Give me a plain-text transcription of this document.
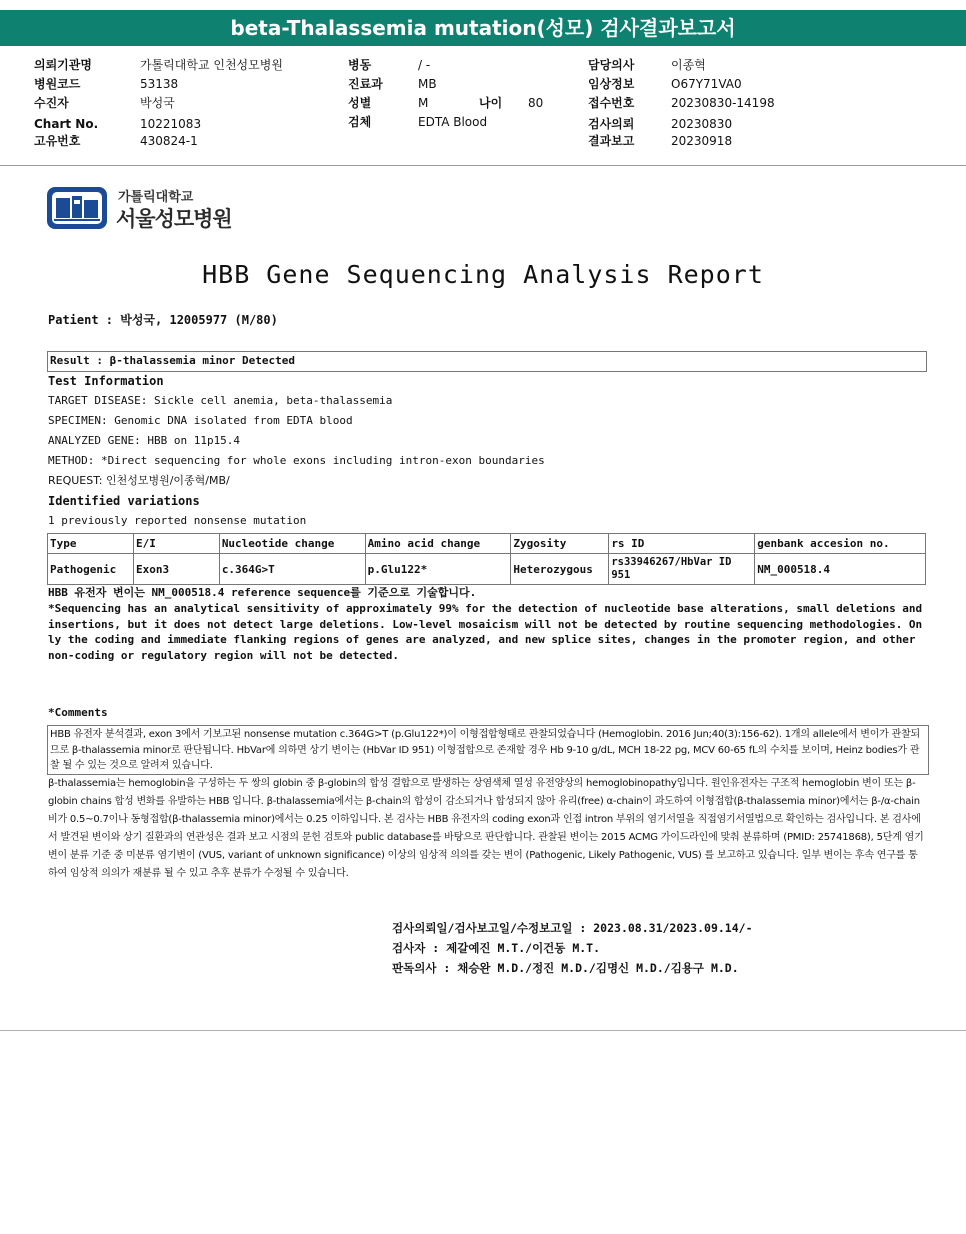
beta-Thalassemia mutation(성모) 검사결과보고서
의뢰기관명	가톨릭대학교 인천성모병원
병원코드	53138
수진자	박성국
Chart No.	10221083
고유번호	430824-1
병동	/ -
진료과	MB
성별	M	나이 80
검체	EDTA Blood
담당의사	이종혁
임상정보	O67Y71VA0
접수번호	20230830-14198
검사의뢰	20230830
결과보고	20230918
가톨릭대학교
서울성모병원
HBB Gene Sequencing Analysis Report
Patient : 박성국, 12005977 (M/80)
Result : β-thalassemia minor Detected
Test Information
TARGET DISEASE: Sickle cell anemia, beta-thalassemia
SPECIMEN: Genomic DNA isolated from EDTA blood
ANALYZED GENE: HBB on 11p15.4
METHOD: *Direct sequencing for whole exons including intron-exon boundaries
REQUEST: 인천성모병원/이종혁/MB/
Identified variations
1 previously reported nonsense mutation
Type	E/I	Nucleotide change	Amino acid change	Zygosity	rs ID	genbank accesion no.
Pathogenic	Exon3	c.364G>T	p.Glu122*	Heterozygous	rs33946267/HbVar ID 951	NM_000518.4
HBB 유전자 변이는 NM_000518.4 reference sequence를 기준으로 기술합니다.
*Sequencing has an analytical sensitivity of approximately 99% for the detection of nucleotide base alterations, small deletions and insertions, but it does not detect large deletions. Low-level mosaicism will not be detected by routine sequencing methodologies. Only the coding and immediate flanking regions of genes are analyzed, and new splice sites, changes in the promoter region, and other non-coding or regulatory region will not be detected.
*Comments
HBB 유전자 분석결과, exon 3에서 기보고된 nonsense mutation c.364G>T (p.Glu122*)이 이형접합형태로 관찰되었습니다 (Hemoglobin. 2016 Jun;40(3):156-62). 1개의 allele에서 변이가 관찰되므로 β-thalassemia minor로 판단됩니다. HbVar에 의하면 상기 변이는 (HbVar ID 951) 이형접합으로 존재할 경우 Hb 9-10 g/dL, MCH 18-22 pg, MCV 60-65 fL의 수치를 보이며, Heinz bodies가 관찰 될 수 있는 것으로 알려져 있습니다.
β-thalassemia는 hemoglobin을 구성하는 두 쌍의 globin 중 β-globin의 합성 결합으로 발생하는 상염색체 열성 유전양상의 hemoglobinopathy입니다. 원인유전자는 구조적 hemoglobin 변이 또는 β-globin chains 합성 변화를 유발하는 HBB 입니다. β-thalassemia에서는 β-chain의 합성이 감소되거나 합성되지 않아 유리(free) α-chain이 과도하여 이형접합(β-thalassemia minor)에서는 β-/α-chain 비가 0.5~0.7이나 동형접합(β-thalassemia minor)에서는 0.25 이하입니다. 본 검사는 HBB 유전자의 coding exon과 인접 intron 부위의 염기서열을 직접염기서열법으로 확인하는 검사입니다. 본 검사에서 발견된 변이와 상기 질환과의 연관성은 결과 보고 시점의 문헌 검토와 public database를 바탕으로 판단합니다. 관찰된 변이는 2015 ACMG 가이드라인에 맞춰 분류하며 (PMID: 25741868), 5단계 염기변이 분류 기준 중 미분류 염기변이 (VUS, variant of unknown significance) 이상의 임상적 의의를 갖는 변이 (Pathogenic, Likely Pathogenic, VUS) 를 보고하고 있습니다. 일부 변이는 후속 연구를 통하여 임상적 의의가 재분류 될 수 있고 추후 분류가 수정될 수 있습니다.
검사의뢰일/검사보고일/수정보고일 : 2023.08.31/2023.09.14/-
검사자 : 제갈예진 M.T./이건동 M.T.
판독의사 : 채승완 M.D./정진 M.D./김명신 M.D./김용구 M.D.
